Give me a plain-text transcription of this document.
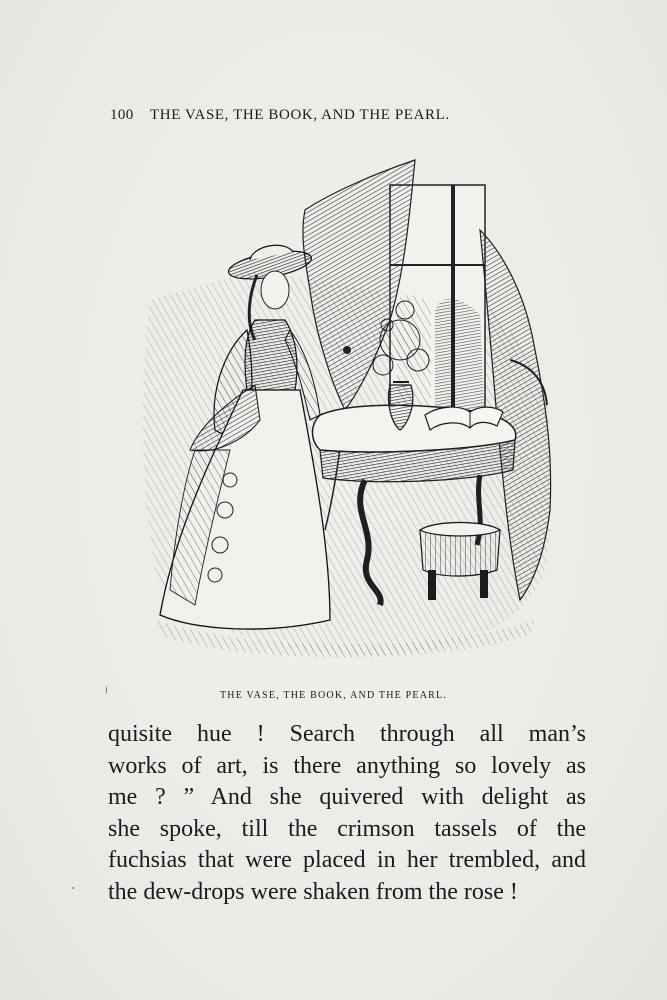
100	THE VASE, THE BOOK, AND THE PEARL.
THE VASE, THE BOOK, AND THE PEARL.
quisite hue ! Search through all man’s
works of art, is there anything so lovely as
me ? ” And she quivered with delight as
she spoke, till the crimson tassels of the
fuchsias that were placed in her trembled, and
the dew-drops were shaken from the rose !
